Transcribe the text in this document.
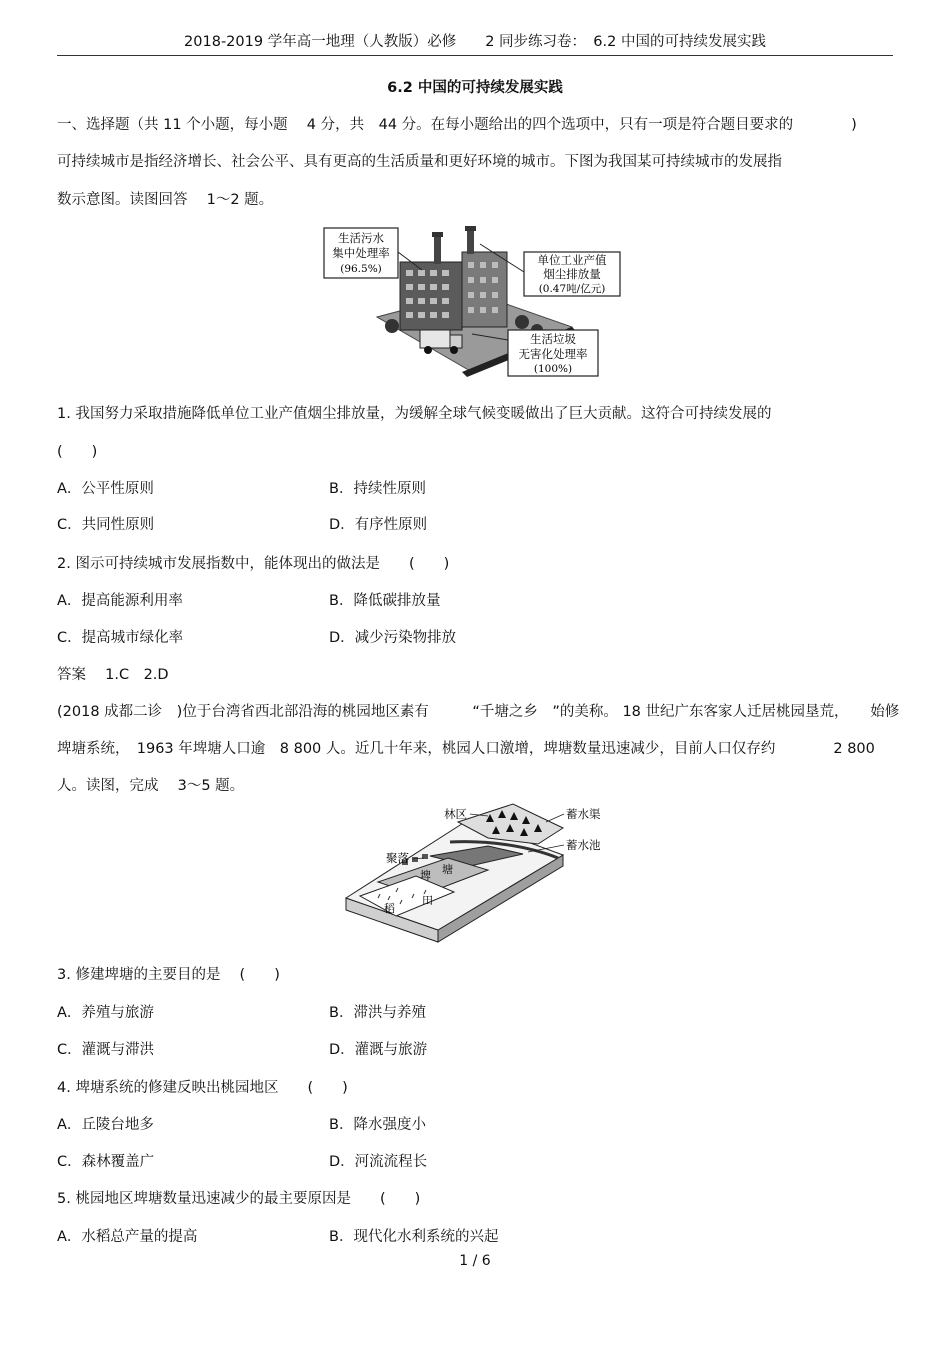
2018-2019 学年高一地理（人教版）必修　　2 同步练习卷：　6.2 中国的可持续发展实践
6.2 中国的可持续发展实践
一、选择题（共 11 个小题，每小题　 4 分，共　44 分。在每小题给出的四个选项中，只有一项是符合题目要求的　　　　)
可持续城市是指经济增长、社会公平、具有更高的生活质量和更好环境的城市。下图为我国某可持续城市的发展指
数示意图。读图回答　 1～2 题。
生活污水
集中处理率
(96.5%)
单位工业产值
烟尘排放量
(0.47吨/亿元)
生活垃圾
无害化处理率
(100%)
1. 我国努力采取措施降低单位工业产值烟尘排放量，为缓解全球气候变暖做出了巨大贡献。这符合可持续发展的
(　　)
A．公平性原则	B．持续性原则
C．共同性原则	D．有序性原则
2. 图示可持续城市发展指数中，能体现出的做法是　　(　　)
A．提高能源利用率	B．降低碳排放量
C．提高城市绿化率	D．减少污染物排放
答案　 1.C　2.D
(2018 成都二诊　)位于台湾省西北部沿海的桃园地区素有　　　“千塘之乡　”的美称。 18 世纪广东客家人迁居桃园垦荒，　　始修
埤塘系统，　1963 年埤塘人口逾　8 800 人。近几十年来，桃园人口激增，埤塘数量迅速减少，目前人口仅存约　　　　2 800
人。读图，完成　 3～5 题。
林区	蓄水渠
蓄水池
聚落
埤 塘
稻
田
3. 修建埤塘的主要目的是　 (　　)
A．养殖与旅游	B．滞洪与养殖
C．灌溉与滞洪	D．灌溉与旅游
4. 埤塘系统的修建反映出桃园地区　　(　　)
A．丘陵台地多	B．降水强度小
C．森林覆盖广	D．河流流程长
5. 桃园地区埤塘数量迅速减少的最主要原因是　　(　　)
A．水稻总产量的提高	B．现代化水利系统的兴起
1 / 6
